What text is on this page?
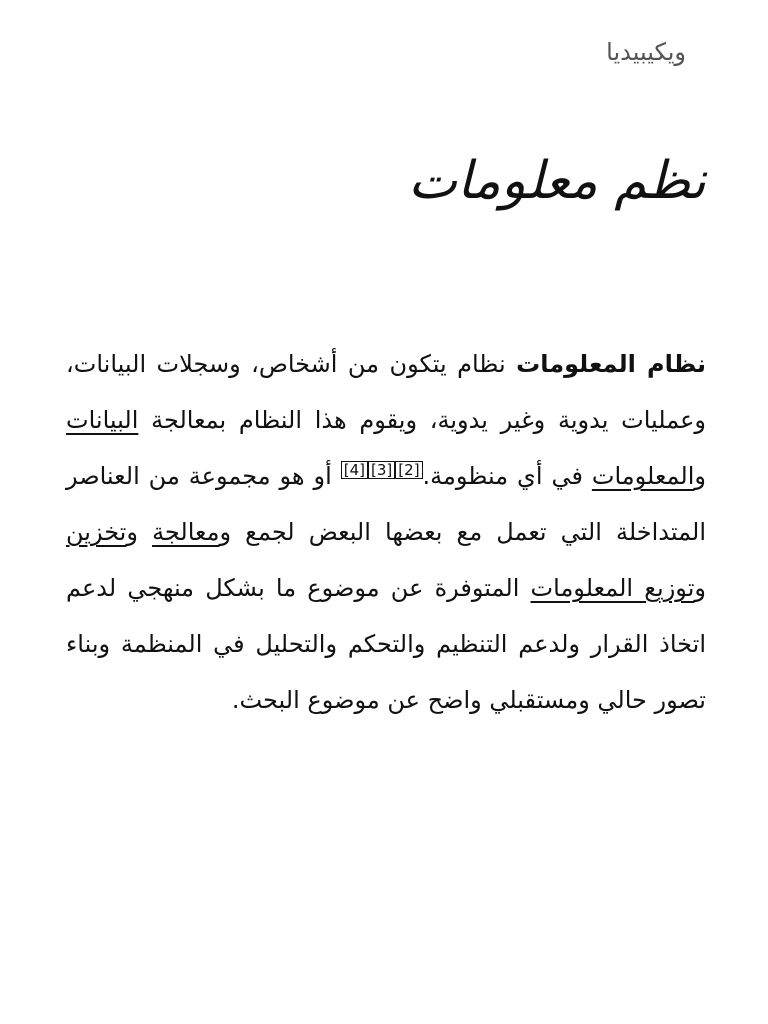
ويكيبيديا
نظم معلومات

نظام المعلومات نظام يتكون من أشخاص، وسجلات البيانات، وعمليات يدوية وغير يدوية، ويقوم هذا النظام بمعالجة البيانات والمعلومات في أي منظومة.[2][3][4] أو هو مجموعة من العناصر المتداخلة التي تعمل مع بعضها البعض لجمع ومعالجة وتخزين وتوزيع المعلومات المتوفرة عن موضوع ما بشكل منهجي لدعم اتخاذ القرار ولدعم التنظيم والتحكم والتحليل في المنظمة وبناء تصور حالي ومستقبلي واضح عن موضوع البحث.
